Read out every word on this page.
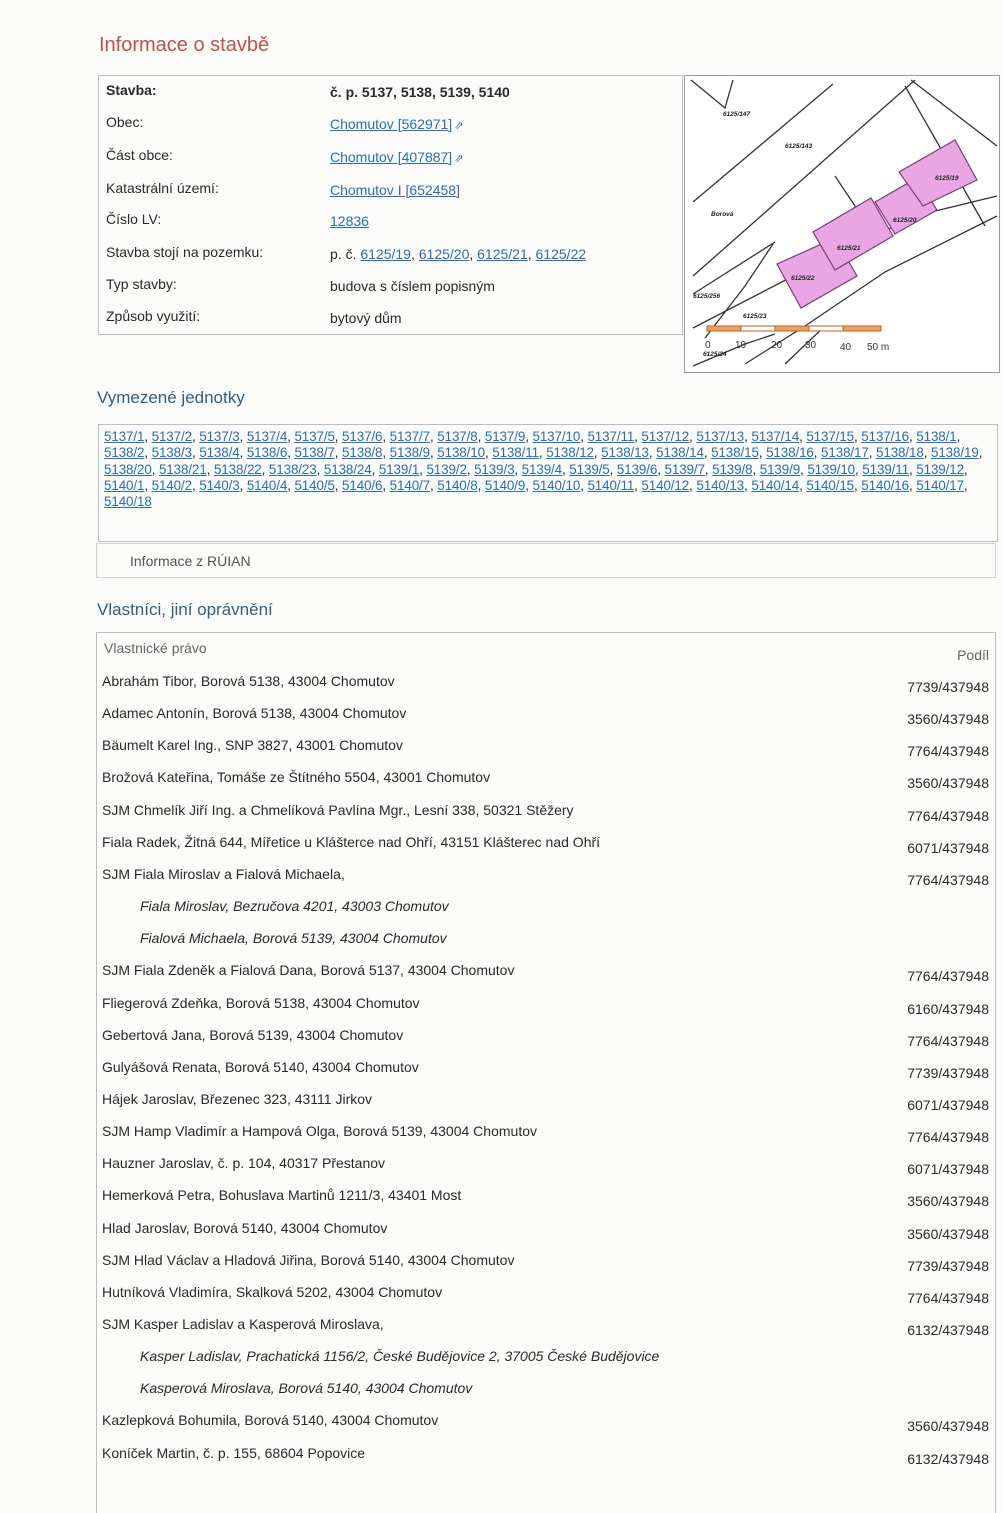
Informace o stavbě
Stavba:	č. p. 5137, 5138, 5139, 5140
Obec:	Chomutov [562971] ⇗
Část obce:	Chomutov [407887] ⇗
Katastrální území:	Chomutov I [652458]
Číslo LV:	12836
Stavba stojí na pozemku:	p. č. 6125/19, 6125/20, 6125/21, 6125/22
Typ stavby:	budova s číslem popisným
Způsob využití:	bytový dům
6125/147
6125/143
6125/19
6125/20
6125/21
6125/22
Borová
6125/256
6125/23
6125/24
0 10 20 30 40 50 m
Vymezené jednotky
5137/1, 5137/2, 5137/3, 5137/4, 5137/5, 5137/6, 5137/7, 5137/8, 5137/9, 5137/10, 5137/11, 5137/12, 5137/13, 5137/14, 5137/15, 5137/16, 5138/1, 5138/2, 5138/3, 5138/4, 5138/6, 5138/7, 5138/8, 5138/9, 5138/10, 5138/11, 5138/12, 5138/13, 5138/14, 5138/15, 5138/16, 5138/17, 5138/18, 5138/19, 5138/20, 5138/21, 5138/22, 5138/23, 5138/24, 5139/1, 5139/2, 5139/3, 5139/4, 5139/5, 5139/6, 5139/7, 5139/8, 5139/9, 5139/10, 5139/11, 5139/12, 5140/1, 5140/2, 5140/3, 5140/4, 5140/5, 5140/6, 5140/7, 5140/8, 5140/9, 5140/10, 5140/11, 5140/12, 5140/13, 5140/14, 5140/15, 5140/16, 5140/17, 5140/18
Informace z RÚIAN
Vlastníci, jiní oprávnění
Vlastnické právo	Podíl
Abrahám Tibor, Borová 5138, 43004 Chomutov	7739/437948
Adamec Antonín, Borová 5138, 43004 Chomutov	3560/437948
Bäumelt Karel Ing., SNP 3827, 43001 Chomutov	7764/437948
Brožová Kateřina, Tomáše ze Štítného 5504, 43001 Chomutov	3560/437948
SJM Chmelík Jiří Ing. a Chmelíková Pavlína Mgr., Lesní 338, 50321 Stěžery	7764/437948
Fiala Radek, Žitná 644, Mířetice u Klášterce nad Ohří, 43151 Klášterec nad Ohří	6071/437948
SJM Fiala Miroslav a Fialová Michaela,	7764/437948
Fiala Miroslav, Bezručova 4201, 43003 Chomutov
Fialová Michaela, Borová 5139, 43004 Chomutov
SJM Fiala Zdeněk a Fialová Dana, Borová 5137, 43004 Chomutov	7764/437948
Fliegerová Zdeňka, Borová 5138, 43004 Chomutov	6160/437948
Gebertová Jana, Borová 5139, 43004 Chomutov	7764/437948
Gulyášová Renata, Borová 5140, 43004 Chomutov	7739/437948
Hájek Jaroslav, Březenec 323, 43111 Jirkov	6071/437948
SJM Hamp Vladimír a Hampová Olga, Borová 5139, 43004 Chomutov	7764/437948
Hauzner Jaroslav, č. p. 104, 40317 Přestanov	6071/437948
Hemerková Petra, Bohuslava Martinů 1211/3, 43401 Most	3560/437948
Hlad Jaroslav, Borová 5140, 43004 Chomutov	3560/437948
SJM Hlad Václav a Hladová Jiřina, Borová 5140, 43004 Chomutov	7739/437948
Hutníková Vladimíra, Skalková 5202, 43004 Chomutov	7764/437948
SJM Kasper Ladislav a Kasperová Miroslava,	6132/437948
Kasper Ladislav, Prachatická 1156/2, České Budějovice 2, 37005 České Budějovice
Kasperová Miroslava, Borová 5140, 43004 Chomutov
Kazlepková Bohumila, Borová 5140, 43004 Chomutov	3560/437948
Koníček Martin, č. p. 155, 68604 Popovice	6132/437948
